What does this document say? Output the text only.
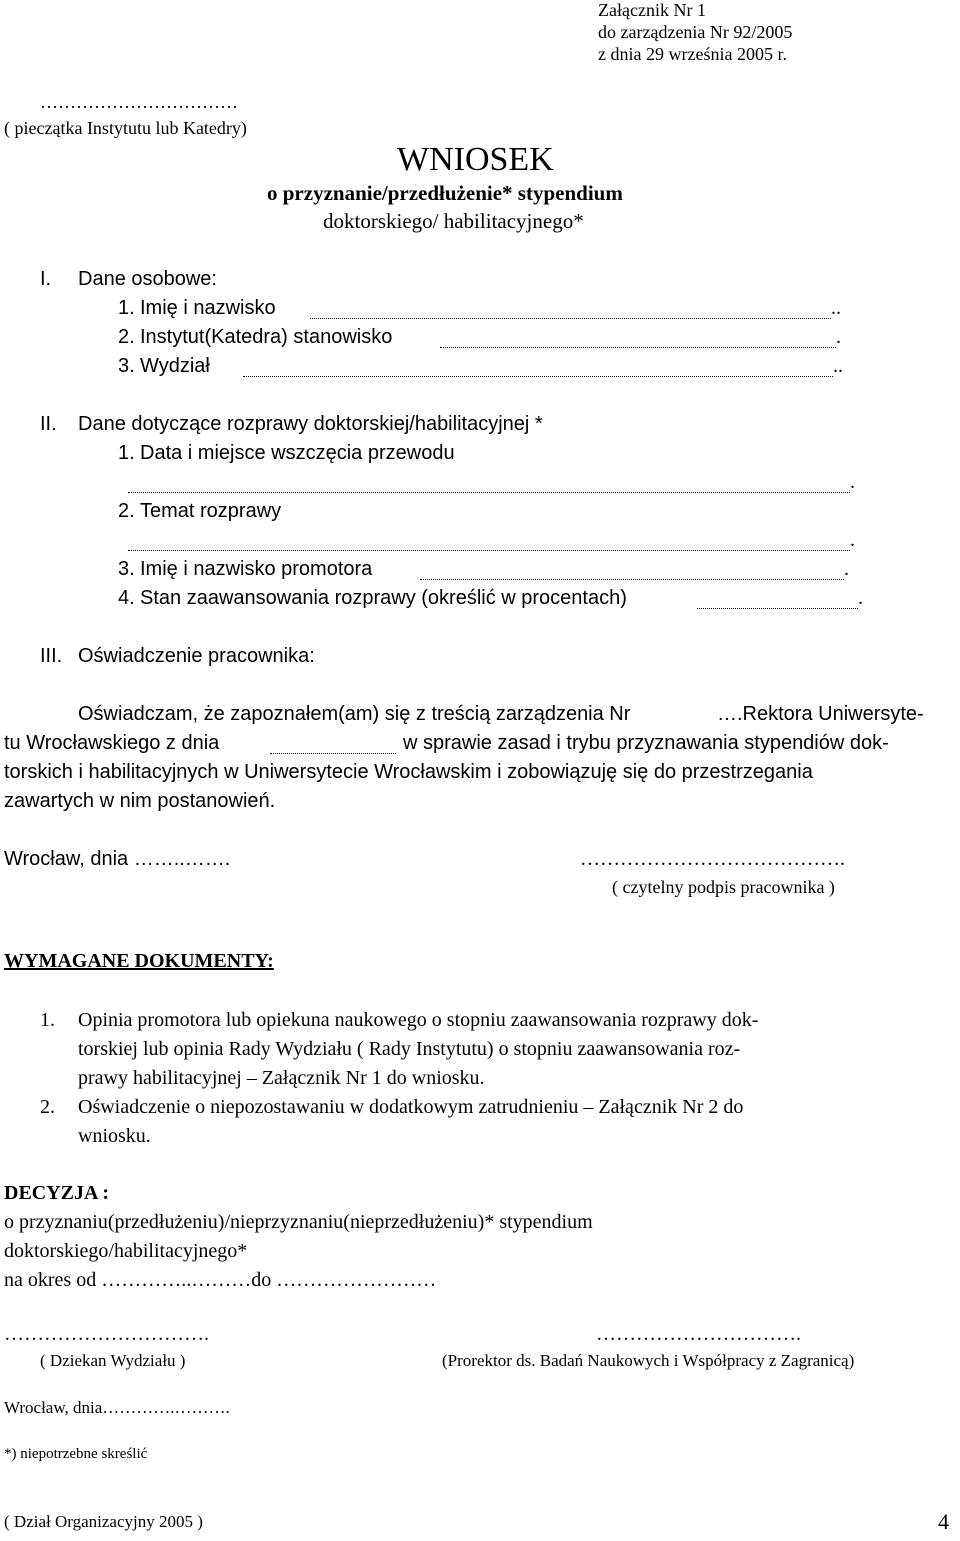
Załącznik Nr 1
do zarządzenia Nr 92/2005
z dnia 29 września 2005 r.
……………………………
( pieczątka Instytutu lub Katedry)
WNIOSEK
o przyznanie/przedłużenie* stypendium
doktorskiego/ habilitacyjnego*
I. Dane osobowe:
1. Imię i nazwisko	..
2. Instytut(Katedra) stanowisko	.
3. Wydział	..
II. Dane dotyczące rozprawy doktorskiej/habilitacyjnej *
1. Data i miejsce wszczęcia przewodu
.
2. Temat rozprawy
.
3. Imię i nazwisko promotora	.
4. Stan zaawansowania rozprawy (określić w procentach)	.
III. Oświadczenie pracownika:
Oświadczam, że zapoznałem(am) się z treścią zarządzenia Nr	….Rektora Uniwersyte-
tu Wrocławskiego z dnia	w sprawie zasad i trybu przyznawania stypendiów dok-
torskich i habilitacyjnych w Uniwersytecie Wrocławskim i zobowiązuję się do przestrzegania
zawartych w nim postanowień.
Wrocław, dnia ……..…….	………………………………….
( czytelny podpis pracownika )
WYMAGANE DOKUMENTY:
1. Opinia promotora lub opiekuna naukowego o stopniu zaawansowania rozprawy dok-
torskiej lub opinia Rady Wydziału ( Rady Instytutu) o stopniu zaawansowania roz-
prawy habilitacyjnej – Załącznik Nr 1 do wniosku.
2. Oświadczenie o niepozostawaniu w dodatkowym zatrudnieniu – Załącznik Nr 2 do
wniosku.
DECYZJA :
o przyznaniu(przedłużeniu)/nieprzyznaniu(nieprzedłużeniu)* stypendium
doktorskiego/habilitacyjnego*
na okres od …………..………do ……………………
………………………….
( Dziekan Wydziału )
………………………….
(Prorektor ds. Badań Naukowych i Współpracy z Zagranicą)
Wrocław, dnia………….……….
*) niepotrzebne skreślić
( Dział Organizacyjny 2005 )	4
